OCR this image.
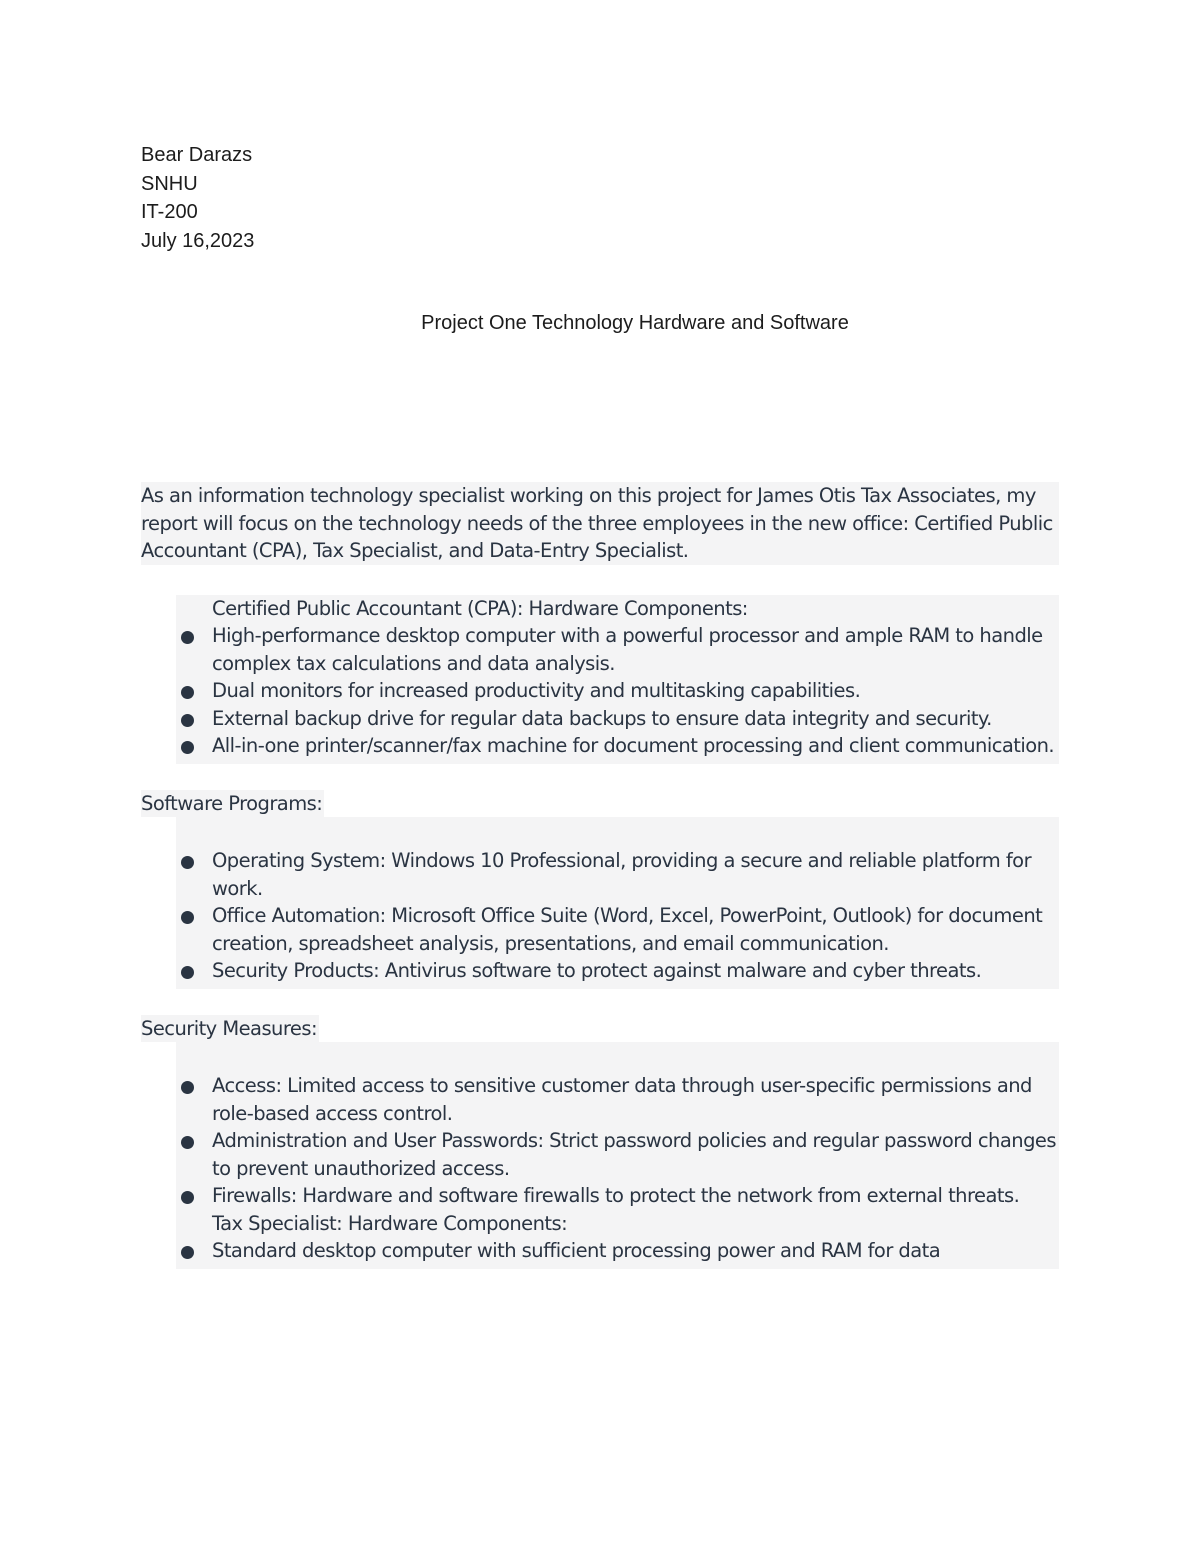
Bear Darazs
SNHU
IT-200
July 16,2023
Project One Technology Hardware and Software
As an information technology specialist working on this project for James Otis Tax Associates, my report will focus on the technology needs of the three employees in the new office: Certified Public Accountant (CPA), Tax Specialist, and Data-Entry Specialist.
Certified Public Accountant (CPA): Hardware Components:
High-performance desktop computer with a powerful processor and ample RAM to handle complex tax calculations and data analysis.
Dual monitors for increased productivity and multitasking capabilities.
External backup drive for regular data backups to ensure data integrity and security.
All-in-one printer/scanner/fax machine for document processing and client communication.
Software Programs:
Operating System: Windows 10 Professional, providing a secure and reliable platform for work.
Office Automation: Microsoft Office Suite (Word, Excel, PowerPoint, Outlook) for document creation, spreadsheet analysis, presentations, and email communication.
Security Products: Antivirus software to protect against malware and cyber threats.
Security Measures:
Access: Limited access to sensitive customer data through user-specific permissions and role-based access control.
Administration and User Passwords: Strict password policies and regular password changes to prevent unauthorized access.
Firewalls: Hardware and software firewalls to protect the network from external threats.
Tax Specialist: Hardware Components:
Standard desktop computer with sufficient processing power and RAM for data
